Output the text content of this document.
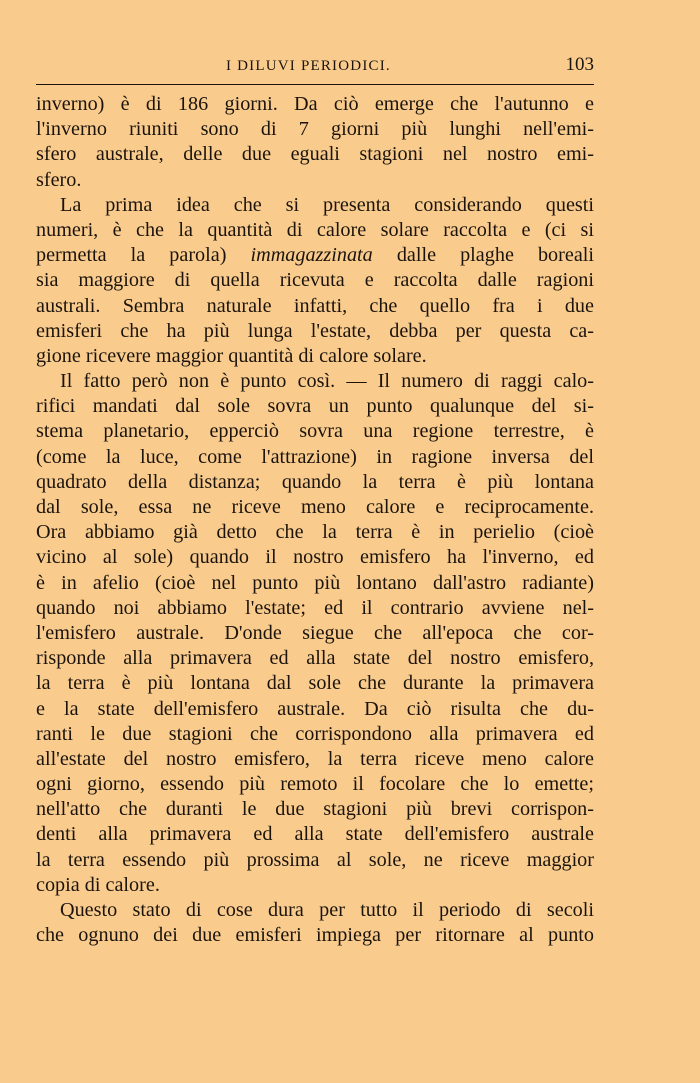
I DILUVI PERIODICI.	103
inverno) è di 186 giorni. Da ciò emerge che l'autunno e
l'inverno riuniti sono di 7 giorni più lunghi nell'emi-
sfero australe, delle due eguali stagioni nel nostro emi-
sfero.
La prima idea che si presenta considerando questi
numeri, è che la quantità di calore solare raccolta e (ci si
permetta la parola) immagazzinata dalle plaghe boreali
sia maggiore di quella ricevuta e raccolta dalle ragioni
australi. Sembra naturale infatti, che quello fra i due
emisferi che ha più lunga l'estate, debba per questa ca-
gione ricevere maggior quantità di calore solare.
Il fatto però non è punto così. — Il numero di raggi calo-
rifici mandati dal sole sovra un punto qualunque del si-
stema planetario, epperciò sovra una regione terrestre, è
(come la luce, come l'attrazione) in ragione inversa del
quadrato della distanza; quando la terra è più lontana
dal sole, essa ne riceve meno calore e reciprocamente.
Ora abbiamo già detto che la terra è in perielio (cioè
vicino al sole) quando il nostro emisfero ha l'inverno, ed
è in afelio (cioè nel punto più lontano dall'astro radiante)
quando noi abbiamo l'estate; ed il contrario avviene nel-
l'emisfero australe. D'onde siegue che all'epoca che cor-
risponde alla primavera ed alla state del nostro emisfero,
la terra è più lontana dal sole che durante la primavera
e la state dell'emisfero australe. Da ciò risulta che du-
ranti le due stagioni che corrispondono alla primavera ed
all'estate del nostro emisfero, la terra riceve meno calore
ogni giorno, essendo più remoto il focolare che lo emette;
nell'atto che duranti le due stagioni più brevi corrispon-
denti alla primavera ed alla state dell'emisfero australe
la terra essendo più prossima al sole, ne riceve maggior
copia di calore.
Questo stato di cose dura per tutto il periodo di secoli
che ognuno dei due emisferi impiega per ritornare al punto
